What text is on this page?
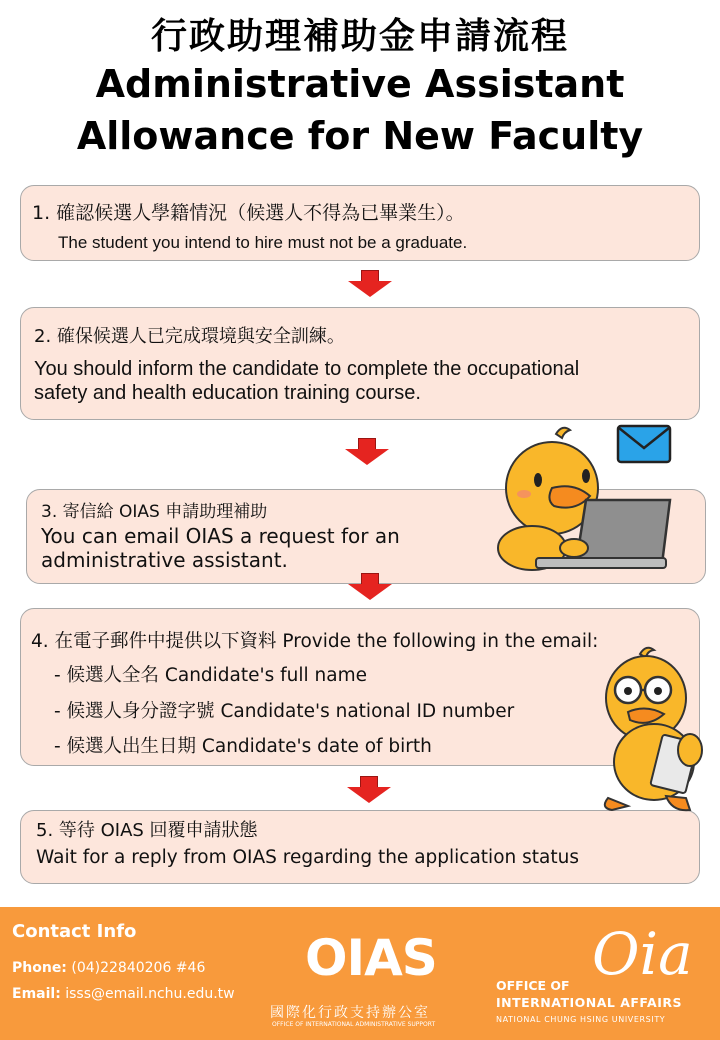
行政助理補助金申請流程
Administrative Assistant
Allowance for New Faculty
1. 確認候選人學籍情況（候選人不得為已畢業生）。
The student you intend to hire must not be a graduate.
2. 確保候選人已完成環境與安全訓練。
You should inform the candidate to complete the occupational
safety and health education training course.
3. 寄信給 OIAS 申請助理補助
You can email OIAS a request for an
administrative assistant.
4. 在電子郵件中提供以下資料 Provide the following in the email:
- 候選人全名 Candidate's full name
- 候選人身分證字號 Candidate's national ID number
- 候選人出生日期 Candidate's date of birth
5. 等待 OIAS 回覆申請狀態
Wait for a reply from OIAS regarding the application status
Contact Info
Phone: (04)22840206 #46
Email: isss@email.nchu.edu.tw
OIAS
國際化行政支持辦公室
OFFICE OF INTERNATIONAL ADMINISTRATIVE SUPPORT
Oia
OFFICE OF
INTERNATIONAL AFFAIRS
NATIONAL CHUNG HSING UNIVERSITY
